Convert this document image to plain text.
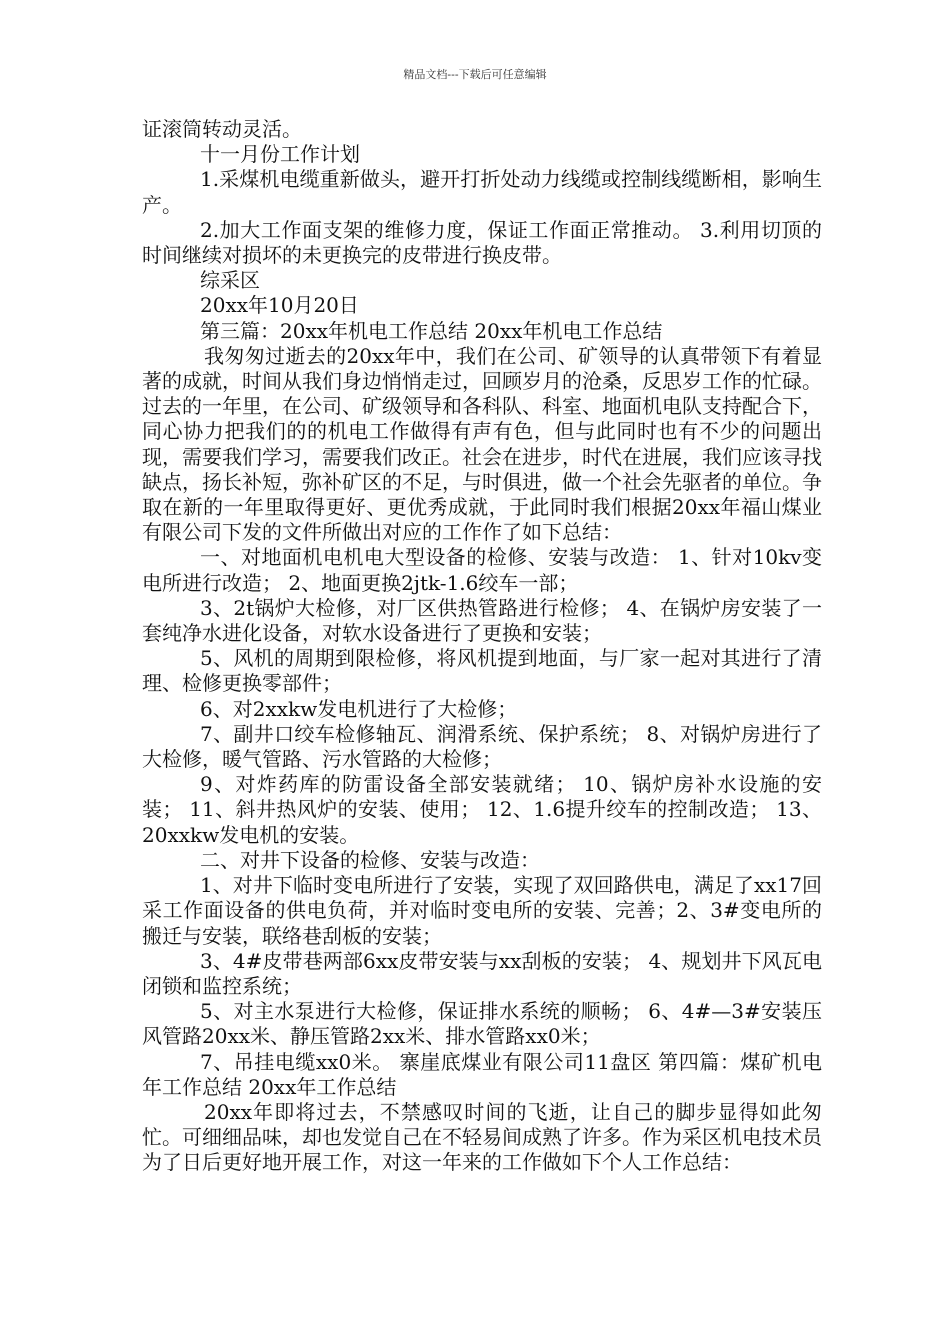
精品文档---下载后可任意编辑

证滚筒转动灵活。

十一月份工作计划

1.采煤机电缆重新做头，避开打折处动力线缆或控制线缆断相，影响生产。

2.加大工作面支架的维修力度，保证工作面正常推动。 3.利用切顶的时间继续对损坏的未更换完的皮带进行换皮带。

综采区

20xx年10月20日

第三篇：20xx年机电工作总结 20xx年机电工作总结

我匆匆过逝去的20xx年中，我们在公司、矿领导的认真带领下有着显著的成就，时间从我们身边悄悄走过，回顾岁月的沧桑，反思岁工作的忙碌。过去的一年里，在公司、矿级领导和各科队、科室、地面机电队支持配合下，同心协力把我们的的机电工作做得有声有色，但与此同时也有不少的问题出现，需要我们学习，需要我们改正。社会在进步，时代在进展，我们应该寻找缺点，扬长补短，弥补矿区的不足，与时俱进，做一个社会先驱者的单位。争取在新的一年里取得更好、更优秀成就，于此同时我们根据20xx年福山煤业有限公司下发的文件所做出对应的工作作了如下总结：

一、对地面机电机电大型设备的检修、安装与改造： 1、针对10kv变电所进行改造； 2、地面更换2jtk-1.6绞车一部；

3、2t锅炉大检修，对厂区供热管路进行检修； 4、在锅炉房安装了一套纯净水进化设备，对软水设备进行了更换和安装；

5、风机的周期到限检修，将风机提到地面，与厂家一起对其进行了清理、检修更换零部件；

6、对2xxkw发电机进行了大检修；

7、副井口绞车检修轴瓦、润滑系统、保护系统； 8、对锅炉房进行了大检修，暖气管路、污水管路的大检修；

9、对炸药库的防雷设备全部安装就绪； 10、锅炉房补水设施的安装； 11、斜井热风炉的安装、使用； 12、1.6提升绞车的控制改造； 13、20xxkw发电机的安装。

二、对井下设备的检修、安装与改造：

1、对井下临时变电所进行了安装，实现了双回路供电，满足了xx17回采工作面设备的供电负荷，并对临时变电所的安装、完善；2、3#变电所的搬迁与安装，联络巷刮板的安装；

3、4#皮带巷两部6xx皮带安装与xx刮板的安装； 4、规划井下风瓦电闭锁和监控系统；

5、对主水泵进行大检修，保证排水系统的顺畅； 6、4#—3#安装压风管路20xx米、静压管路2xx米、排水管路xx0米；

7、吊挂电缆xx0米。 寨崖底煤业有限公司11盘区 第四篇：煤矿机电年工作总结 20xx年工作总结

20xx年即将过去，不禁感叹时间的飞逝，让自己的脚步显得如此匆忙。可细细品味，却也发觉自己在不轻易间成熟了许多。作为采区机电技术员为了日后更好地开展工作，对这一年来的工作做如下个人工作总结：
